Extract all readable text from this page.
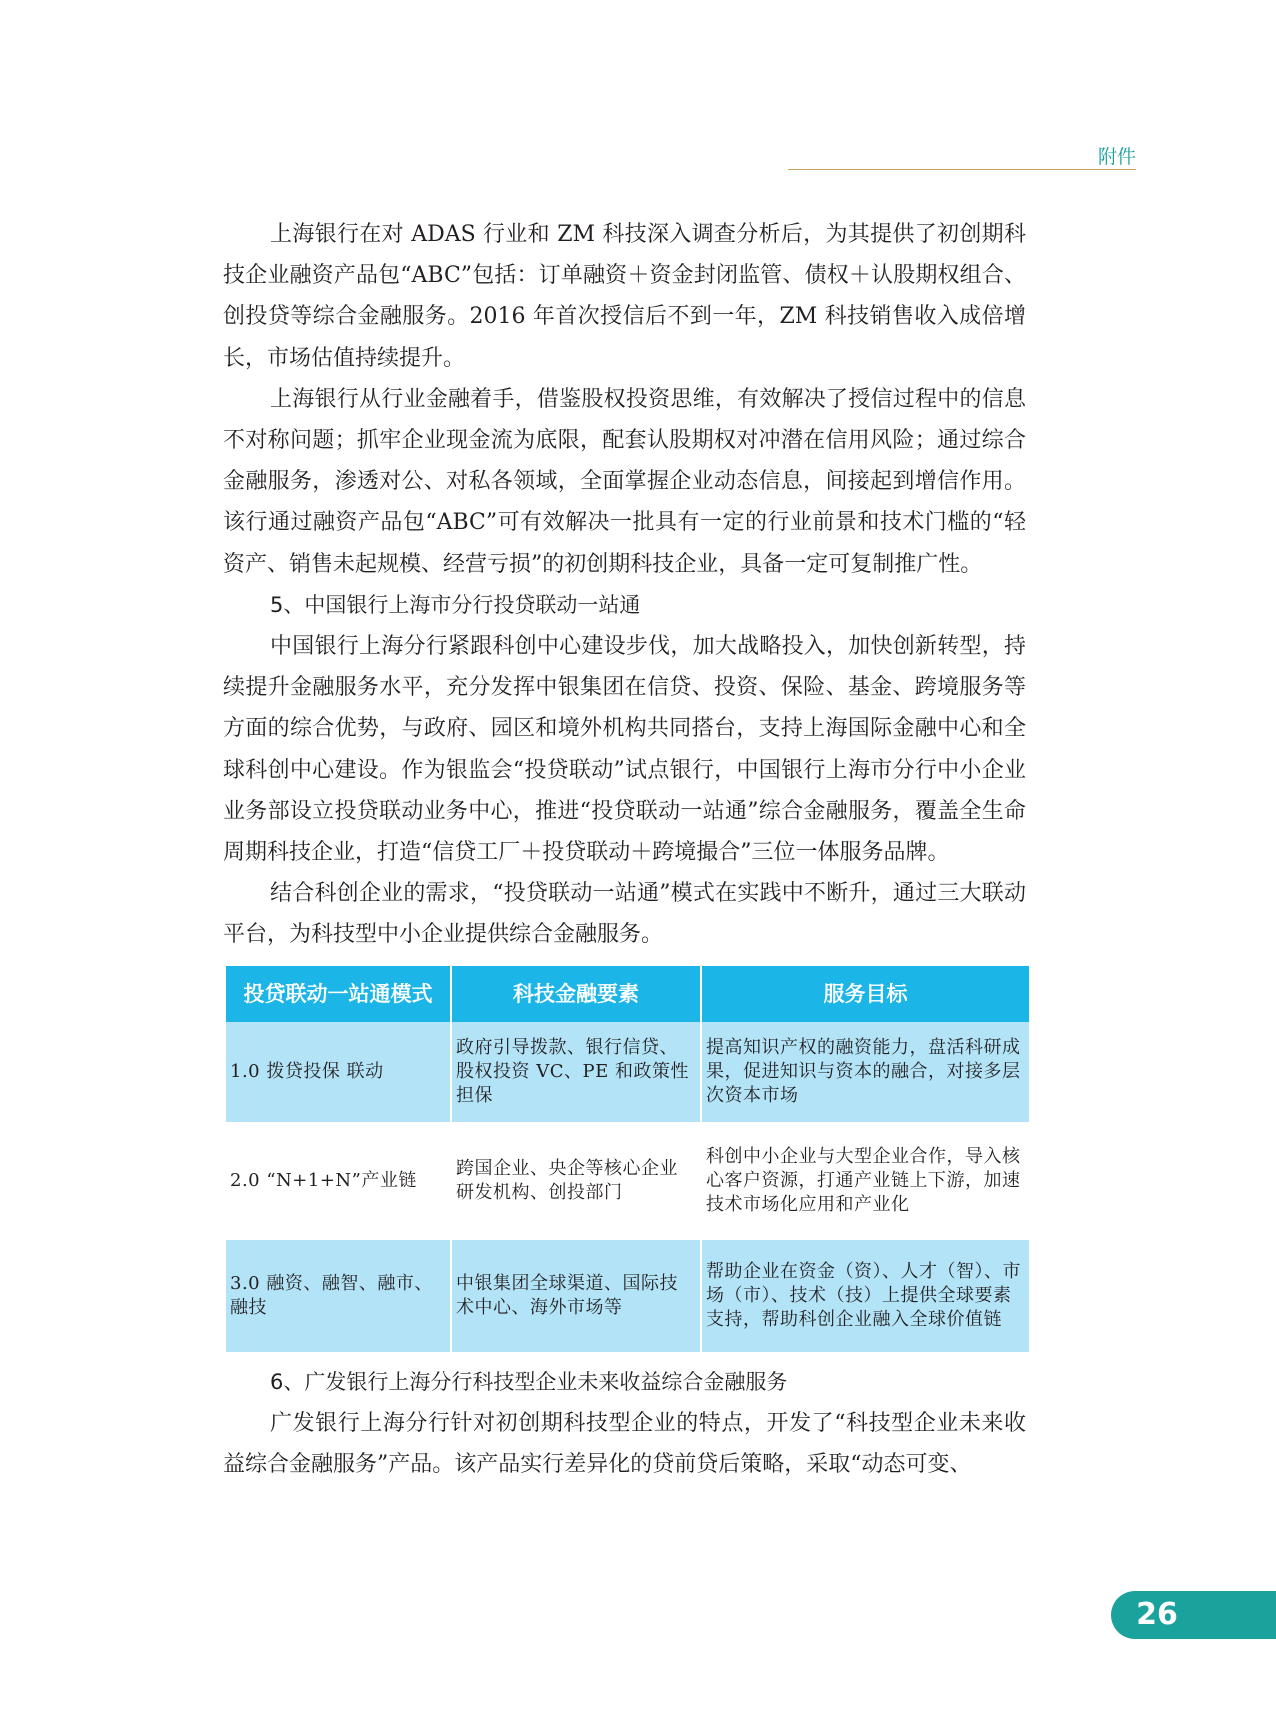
附件

上海银行在对 ADAS 行业和 ZM 科技深入调查分析后，为其提供了初创期科技企业融资产品包“ABC”包括：订单融资＋资金封闭监管、债权＋认股期权组合、创投贷等综合金融服务。2016 年首次授信后不到一年，ZM 科技销售收入成倍增长，市场估值持续提升。

上海银行从行业金融着手，借鉴股权投资思维，有效解决了授信过程中的信息不对称问题；抓牢企业现金流为底限，配套认股期权对冲潜在信用风险；通过综合金融服务，渗透对公、对私各领域，全面掌握企业动态信息，间接起到增信作用。该行通过融资产品包“ABC”可有效解决一批具有一定的行业前景和技术门槛的“轻资产、销售未起规模、经营亏损”的初创期科技企业，具备一定可复制推广性。

5、中国银行上海市分行投贷联动一站通

中国银行上海分行紧跟科创中心建设步伐，加大战略投入，加快创新转型，持续提升金融服务水平，充分发挥中银集团在信贷、投资、保险、基金、跨境服务等方面的综合优势，与政府、园区和境外机构共同搭台，支持上海国际金融中心和全球科创中心建设。作为银监会“投贷联动”试点银行，中国银行上海市分行中小企业业务部设立投贷联动业务中心，推进“投贷联动一站通”综合金融服务，覆盖全生命周期科技企业，打造“信贷工厂＋投贷联动＋跨境撮合”三位一体服务品牌。

结合科创企业的需求，“投贷联动一站通”模式在实践中不断升，通过三大联动平台，为科技型中小企业提供综合金融服务。

投贷联动一站通模式	科技金融要素	服务目标
1.0 拨贷投保 联动	政府引导拨款、银行信贷、股权投资 VC、PE 和政策性担保	提高知识产权的融资能力，盘活科研成果，促进知识与资本的融合，对接多层次资本市场
2.0 “N+1+N”产业链	跨国企业、央企等核心企业研发机构、创投部门	科创中小企业与大型企业合作，导入核心客户资源，打通产业链上下游，加速技术市场化应用和产业化
3.0 融资、融智、融市、融技	中银集团全球渠道、国际技术中心、海外市场等	帮助企业在资金（资）、人才（智）、市场（市）、技术（技）上提供全球要素支持，帮助科创企业融入全球价值链

6、广发银行上海分行科技型企业未来收益综合金融服务

广发银行上海分行针对初创期科技型企业的特点，开发了“科技型企业未来收益综合金融服务”产品。该产品实行差异化的贷前贷后策略，采取“动态可变、

26
